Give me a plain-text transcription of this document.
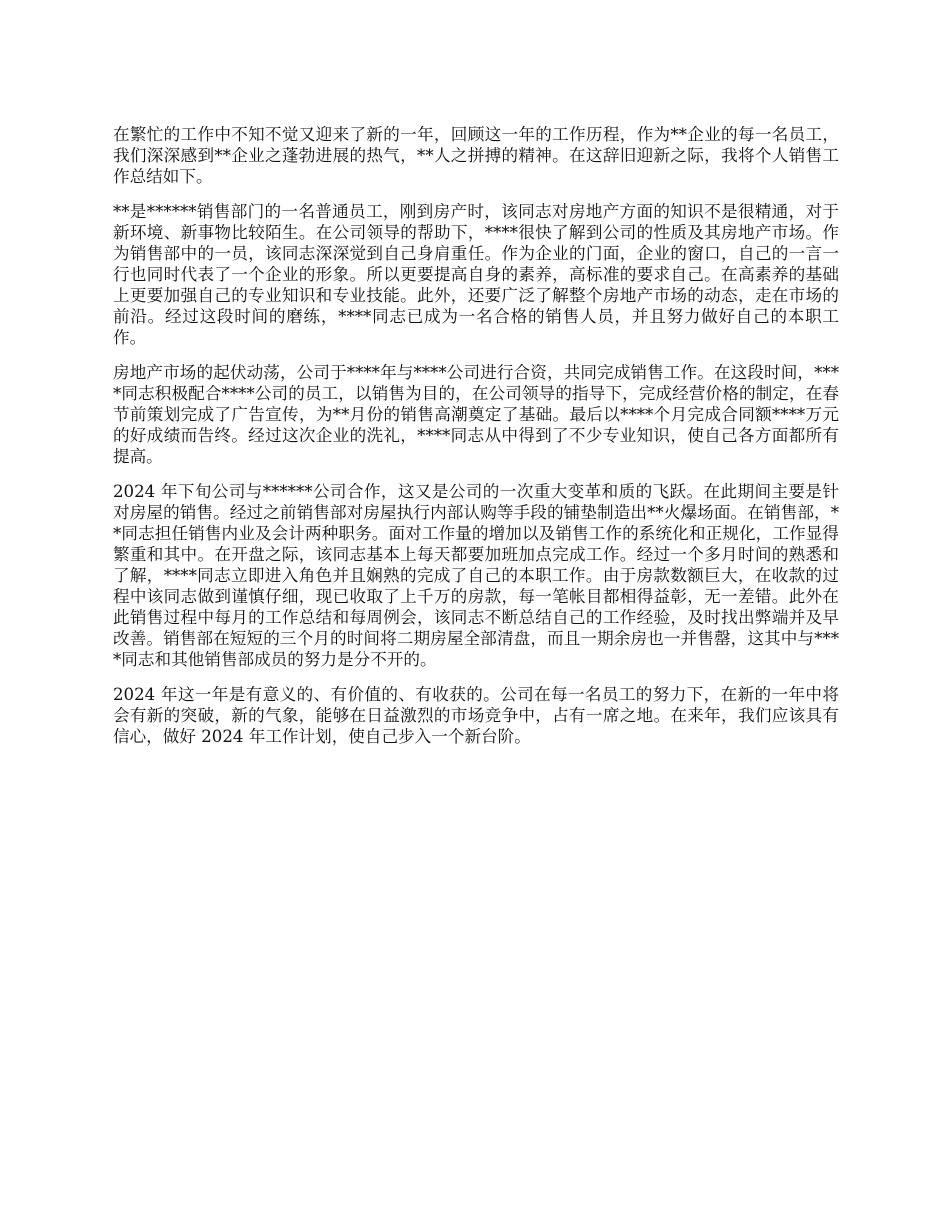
在繁忙的工作中不知不觉又迎来了新的一年，回顾这一年的工作历程，作为**企业的每一名员工，我们深深感到**企业之蓬勃进展的热气，**人之拼搏的精神。在这辞旧迎新之际，我将个人销售工作总结如下。

**是******销售部门的一名普通员工，刚到房产时，该同志对房地产方面的知识不是很精通，对于新环境、新事物比较陌生。在公司领导的帮助下，****很快了解到公司的性质及其房地产市场。作为销售部中的一员，该同志深深觉到自己身肩重任。作为企业的门面，企业的窗口，自己的一言一行也同时代表了一个企业的形象。所以更要提高自身的素养，高标准的要求自己。在高素养的基础上更要加强自己的专业知识和专业技能。此外，还要广泛了解整个房地产市场的动态，走在市场的前沿。经过这段时间的磨练，****同志已成为一名合格的销售人员，并且努力做好自己的本职工作。

房地产市场的起伏动荡，公司于****年与****公司进行合资，共同完成销售工作。在这段时间，****同志积极配合****公司的员工，以销售为目的，在公司领导的指导下，完成经营价格的制定，在春节前策划完成了广告宣传，为**月份的销售高潮奠定了基础。最后以****个月完成合同额****万元的好成绩而告终。经过这次企业的洗礼，****同志从中得到了不少专业知识，使自己各方面都所有提高。

2024 年下旬公司与******公司合作，这又是公司的一次重大变革和质的飞跃。在此期间主要是针对房屋的销售。经过之前销售部对房屋执行内部认购等手段的铺垫制造出**火爆场面。在销售部，**同志担任销售内业及会计两种职务。面对工作量的增加以及销售工作的系统化和正规化，工作显得繁重和其中。在开盘之际，该同志基本上每天都要加班加点完成工作。经过一个多月时间的熟悉和了解，****同志立即进入角色并且娴熟的完成了自己的本职工作。由于房款数额巨大，在收款的过程中该同志做到谨慎仔细，现已收取了上千万的房款，每一笔帐目都相得益彰，无一差错。此外在此销售过程中每月的工作总结和每周例会，该同志不断总结自己的工作经验，及时找出弊端并及早改善。销售部在短短的三个月的时间将二期房屋全部清盘，而且一期余房也一并售罄，这其中与****同志和其他销售部成员的努力是分不开的。

2024 年这一年是有意义的、有价值的、有收获的。公司在每一名员工的努力下，在新的一年中将会有新的突破，新的气象，能够在日益激烈的市场竞争中，占有一席之地。在来年，我们应该具有信心，做好 2024 年工作计划，使自己步入一个新台阶。
